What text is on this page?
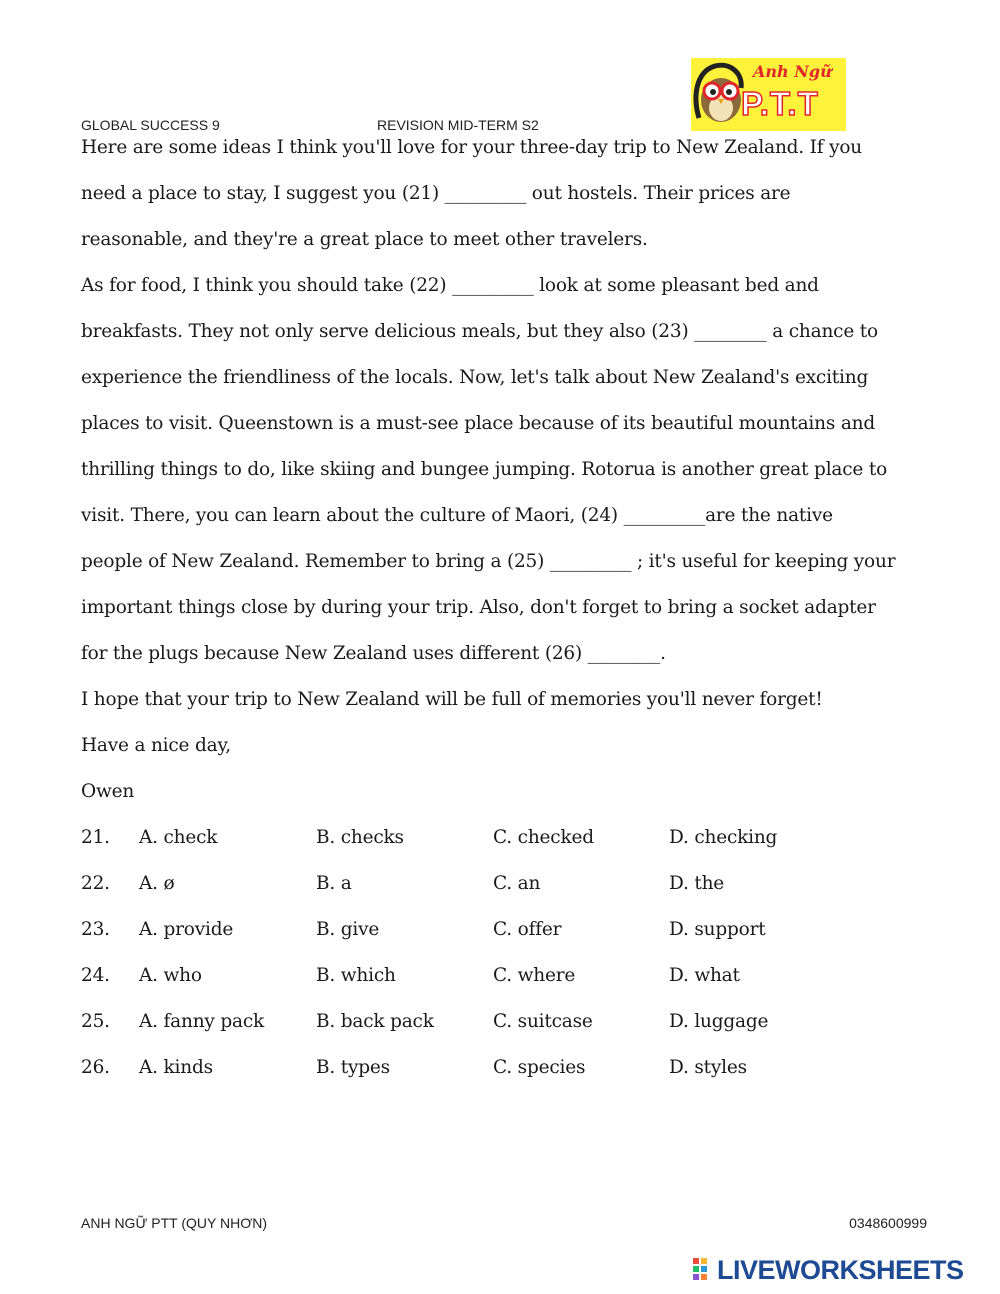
GLOBAL SUCCESS 9	REVISION MID-TERM S2
Anh Ngữ
P.T.T
Here are some ideas I think you'll love for your three-day trip to New Zealand. If you
need a place to stay, I suggest you (21) _________ out hostels. Their prices are
reasonable, and they're a great place to meet other travelers.
As for food, I think you should take (22) _________ look at some pleasant bed and
breakfasts. They not only serve delicious meals, but they also (23) ________ a chance to
experience the friendliness of the locals. Now, let's talk about New Zealand's exciting
places to visit. Queenstown is a must-see place because of its beautiful mountains and
thrilling things to do, like skiing and bungee jumping. Rotorua is another great place to
visit. There, you can learn about the culture of Maori, (24) _________are the native
people of New Zealand. Remember to bring a (25) _________ ; it's useful for keeping your
important things close by during your trip. Also, don't forget to bring a socket adapter
for the plugs because New Zealand uses different (26) ________.
I hope that your trip to New Zealand will be full of memories you'll never forget!
Have a nice day,
Owen
21. A. check	B. checks	C. checked	D. checking
22. A. ø	B. a	C. an	D. the
23. A. provide	B. give	C. offer	D. support
24. A. who	B. which	C. where	D. what
25. A. fanny pack	B. back pack	C. suitcase	D. luggage
26. A. kinds	B. types	C. species	D. styles
ANH NGỮ PTT (QUY NHƠN)	0348600999
LIVEWORKSHEETS
